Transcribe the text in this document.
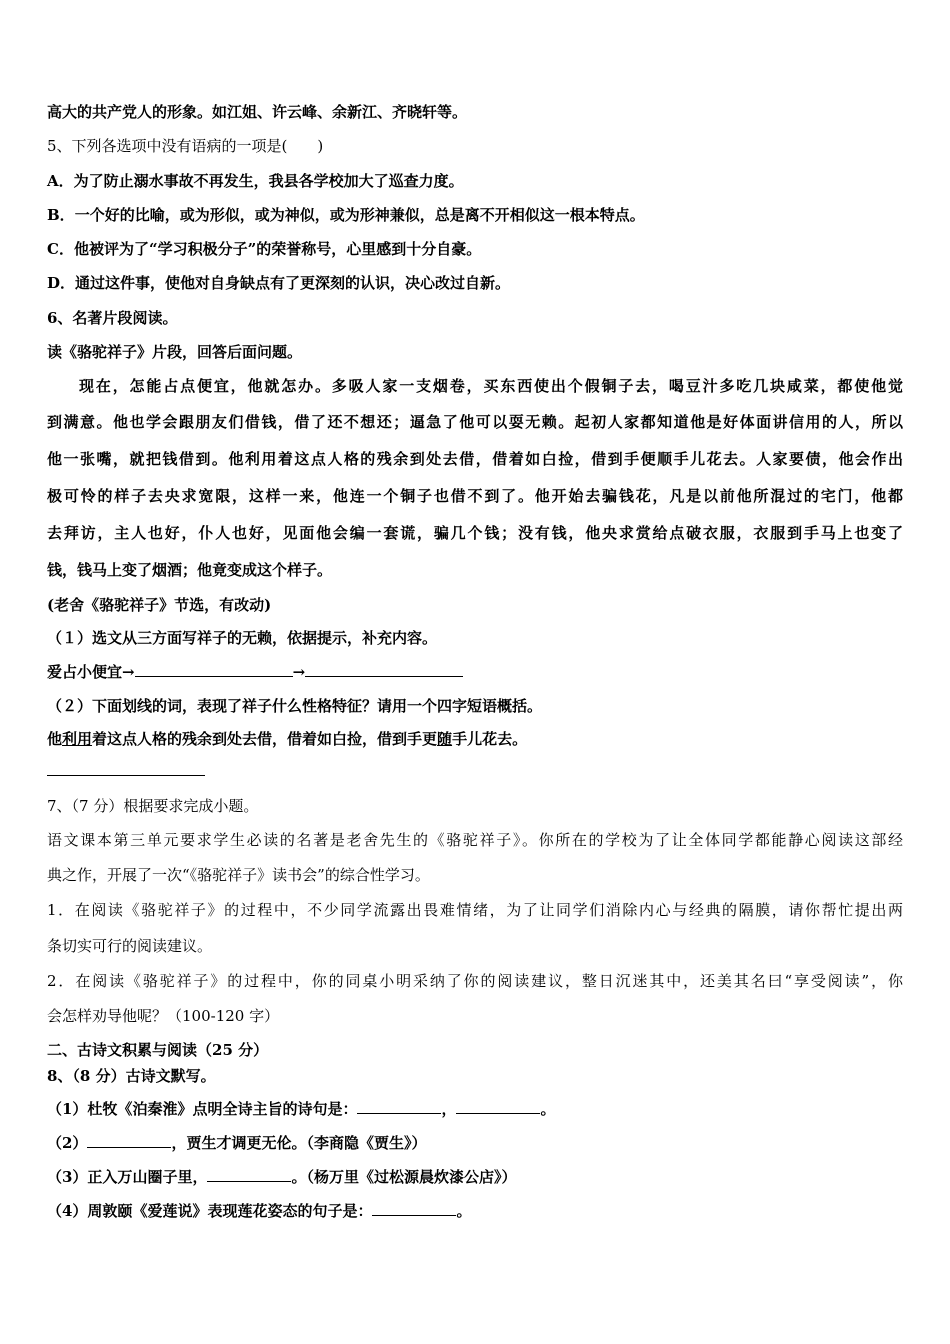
高大的共产党人的形象。如江姐、许云峰、余新江、齐晓轩等。
5、下列各选项中没有语病的一项是(　　)
A．为了防止溺水事故不再发生，我县各学校加大了巡查力度。
B．一个好的比喻，或为形似，或为神似，或为形神兼似，总是离不开相似这一根本特点。
C．他被评为了“学习积极分子”的荣誉称号，心里感到十分自豪。
D．通过这件事，使他对自身缺点有了更深刻的认识，决心改过自新。
6、名著片段阅读。
读《骆驼祥子》片段，回答后面问题。
现在，怎能占点便宜，他就怎办。多吸人家一支烟卷，买东西使出个假铜子去，喝豆汁多吃几块咸菜，都使他觉
到满意。他也学会跟朋友们借钱，借了还不想还；逼急了他可以耍无赖。起初人家都知道他是好体面讲信用的人，所以
他一张嘴，就把钱借到。他利用着这点人格的残余到处去借，借着如白捡，借到手便顺手儿花去。人家要债，他会作出
极可怜的样子去央求宽限，这样一来，他连一个铜子也借不到了。他开始去骗钱花，凡是以前他所混过的宅门，他都
去拜访，主人也好，仆人也好，见面他会编一套谎，骗几个钱；没有钱，他央求赏给点破衣服，衣服到手马上也变了
钱，钱马上变了烟酒；他竟变成这个样子。
(老舍《骆驼祥子》节选，有改动)
（１）选文从三方面写祥子的无赖，依据提示，补充内容。
爱占小便宜→	→
（２）下面划线的词，表现了祥子什么性格特征？请用一个四字短语概括。
他利用着这点人格的残余到处去借，借着如白捡，借到手更随手儿花去。
7、（7 分）根据要求完成小题。
语文课本第三单元要求学生必读的名著是老舍先生的《骆驼祥子》。你所在的学校为了让全体同学都能静心阅读这部经
典之作，开展了一次“《骆驼祥子》读书会”的综合性学习。
1．在阅读《骆驼祥子》的过程中，不少同学流露出畏难情绪，为了让同学们消除内心与经典的隔膜，请你帮忙提出两
条切实可行的阅读建议。
2．在阅读《骆驼祥子》的过程中，你的同桌小明采纳了你的阅读建议，整日沉迷其中，还美其名曰“享受阅读”，你
会怎样劝导他呢？（100-120 字）
二、古诗文积累与阅读（25 分）
8、（8 分）古诗文默写。
（1）杜牧《泊秦淮》点明全诗主旨的诗句是：	，	。
（2）	，贾生才调更无伦。（李商隐《贾生》）
（3）正入万山圈子里，	。（杨万里《过松源晨炊漆公店》）
（4）周敦颐《爱莲说》表现莲花姿态的句子是：	。
